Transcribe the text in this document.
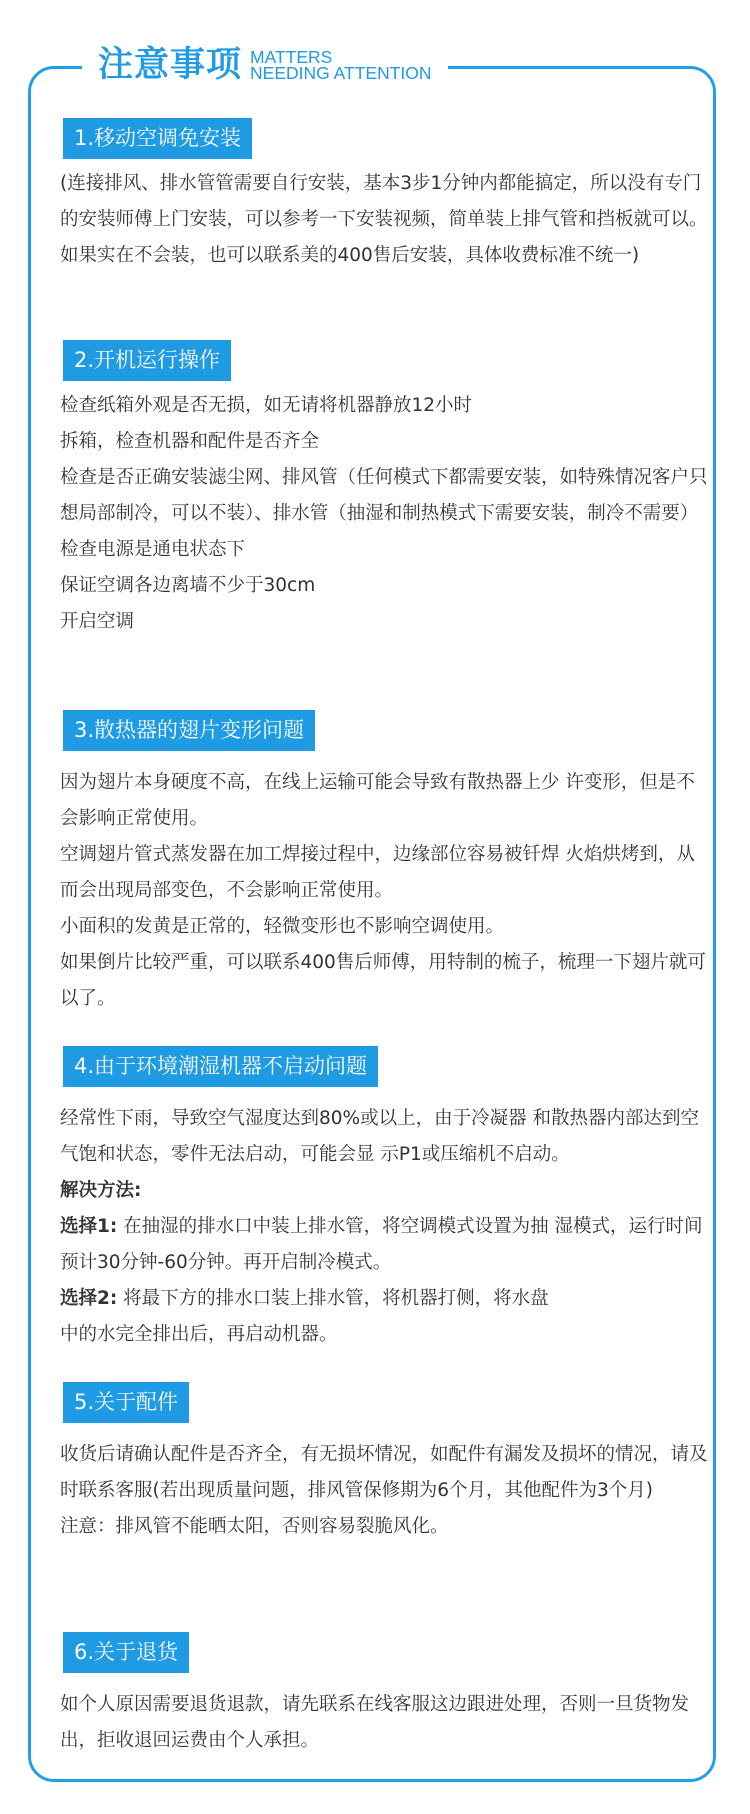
注意事项 MATTERS
NEEDING ATTENTION
1.移动空调免安装

(连接排风、排水管管需要自行安装，基本3步1分钟内都能搞定，所以没有专门的安装师傅上门安装，可以参考一下安装视频，简单装上排气管和挡板就可以。如果实在不会装，也可以联系美的400售后安装，具体收费标准不统一)

2.开机运行操作

检查纸箱外观是否无损，如无请将机器静放12小时

拆箱，检查机器和配件是否齐全

检查是否正确安装滤尘网、排风管（任何模式下都需要安装，如特殊情况客户只想局部制冷，可以不装）、排水管（抽湿和制热模式下需要安装，制冷不需要）

检查电源是通电状态下

保证空调各边离墙不少于30cm

开启空调

3.散热器的翅片变形问题

因为翅片本身硬度不高，在线上运输可能会导致有散热器上少 许变形，但是不会影响正常使用。

空调翅片管式蒸发器在加工焊接过程中，边缘部位容易被钎焊 火焰烘烤到，从而会出现局部变色，不会影响正常使用。

小面积的发黄是正常的，轻微变形也不影响空调使用。

如果倒片比较严重，可以联系400售后师傅，用特制的梳子，梳理一下翅片就可以了。

4.由于环境潮湿机器不启动问题

经常性下雨，导致空气湿度达到80%或以上，由于冷凝器 和散热器内部达到空气饱和状态，零件无法启动，可能会显 示P1或压缩机不启动。

解决方法:

选择1: 在抽湿的排水口中装上排水管，将空调模式设置为抽 湿模式，运行时间预计30分钟-60分钟。再开启制冷模式。

选择2: 将最下方的排水口装上排水管，将机器打侧，将水盘

中的水完全排出后，再启动机器。

5.关于配件

收货后请确认配件是否齐全，有无损坏情况，如配件有漏发及损坏的情况，请及时联系客服(若出现质量问题，排风管保修期为6个月，其他配件为3个月)

注意：排风管不能晒太阳，否则容易裂脆风化。

6.关于退货

如个人原因需要退货退款，请先联系在线客服这边跟进处理，否则一旦货物发出，拒收退回运费由个人承担。
